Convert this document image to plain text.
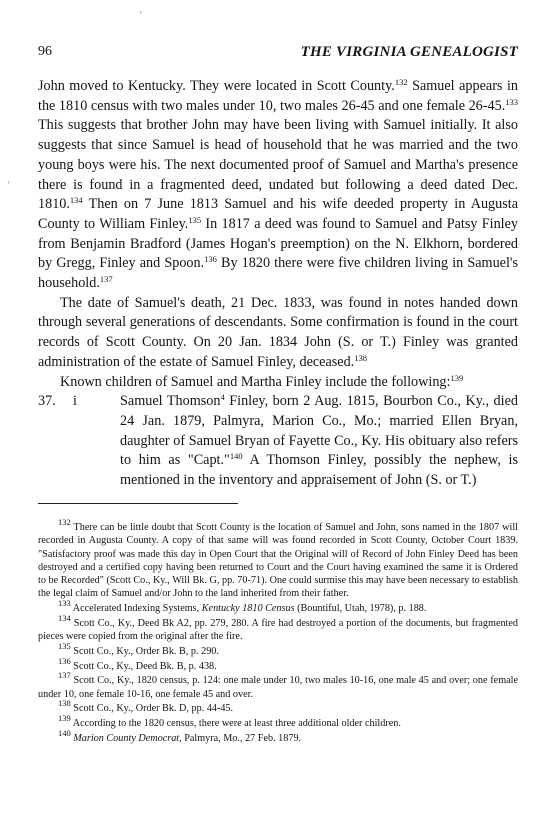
'
'
96	THE VIRGINIA GENEALOGIST

John moved to Kentucky. They were located in Scott County.$^{132}$ Samuel appears in the 1810 census with two males under 10, two males 26-45 and one female 26-45.$^{133}$ This suggests that brother John may have been living with Samuel initially. It also suggests that since Samuel is head of household that he was married and the two young boys were his. The next documented proof of Samuel and Martha's presence there is found in a fragmented deed, undated but following a deed dated Dec. 1810.$^{134}$ Then on 7 June 1813 Samuel and his wife deeded property in Augusta County to William Finley.$^{135}$ In 1817 a deed was found to Samuel and Patsy Finley from Benjamin Bradford (James Hogan's preemption) on the N. Elkhorn, bordered by Gregg, Finley and Spoon.$^{136}$ By 1820 there were five children living in Samuel's household.$^{137}$

The date of Samuel's death, 21 Dec. 1833, was found in notes handed down through several generations of descendants. Some confirmation is found in the court records of Scott County. On 20 Jan. 1834 John (S. or T.) Finley was granted administration of the estate of Samuel Finley, deceased.$^{138}$

Known children of Samuel and Martha Finley include the following:$^{139}$

37. i	Samuel Thomson$^4$ Finley, born 2 Aug. 1815, Bourbon Co., Ky., died 24 Jan. 1879, Palmyra, Marion Co., Mo.; married Ellen Bryan, daughter of Samuel Bryan of Fayette Co., Ky. His obituary also refers to him as "Capt."$^{140}$ A Thomson Finley, possibly the nephew, is mentioned in the inventory and appraisement of John (S. or T.)

$^{132}$ There can be little doubt that Scott County is the location of Samuel and John, sons named in the 1807 will recorded in Augusta County. A copy of that same will was found recorded in Scott County, October Court 1839. "Satisfactory proof was made this day in Open Court that the Original will of Record of John Finley Deed has been destroyed and a certified copy having been returned to Court and the Court having examined the same it is Ordered to be Recorded" (Scott Co., Ky., Will Bk. G, pp. 70-71). One could surmise this may have been necessary to establish the legal claim of Samuel and/or John to the land inherited from their father.

$^{133}$ Accelerated Indexing Systems, Kentucky 1810 Census (Bountiful, Utah, 1978), p. 188.

$^{134}$ Scott Co., Ky., Deed Bk A2, pp. 279, 280. A fire had destroyed a portion of the documents, but fragmented pieces were copied from the original after the fire.

$^{135}$ Scott Co., Ky., Order Bk. B, p. 290.

$^{136}$ Scott Co., Ky., Deed Bk. B, p. 438.

$^{137}$ Scott Co., Ky., 1820 census, p. 124: one male under 10, two males 10-16, one male 45 and over; one female under 10, one female 10-16, one female 45 and over.

$^{138}$ Scott Co., Ky., Order Bk. D, pp. 44-45.

$^{139}$ According to the 1820 census, there were at least three additional older children.

$^{140}$ Marion County Democrat, Palmyra, Mo., 27 Feb. 1879.
